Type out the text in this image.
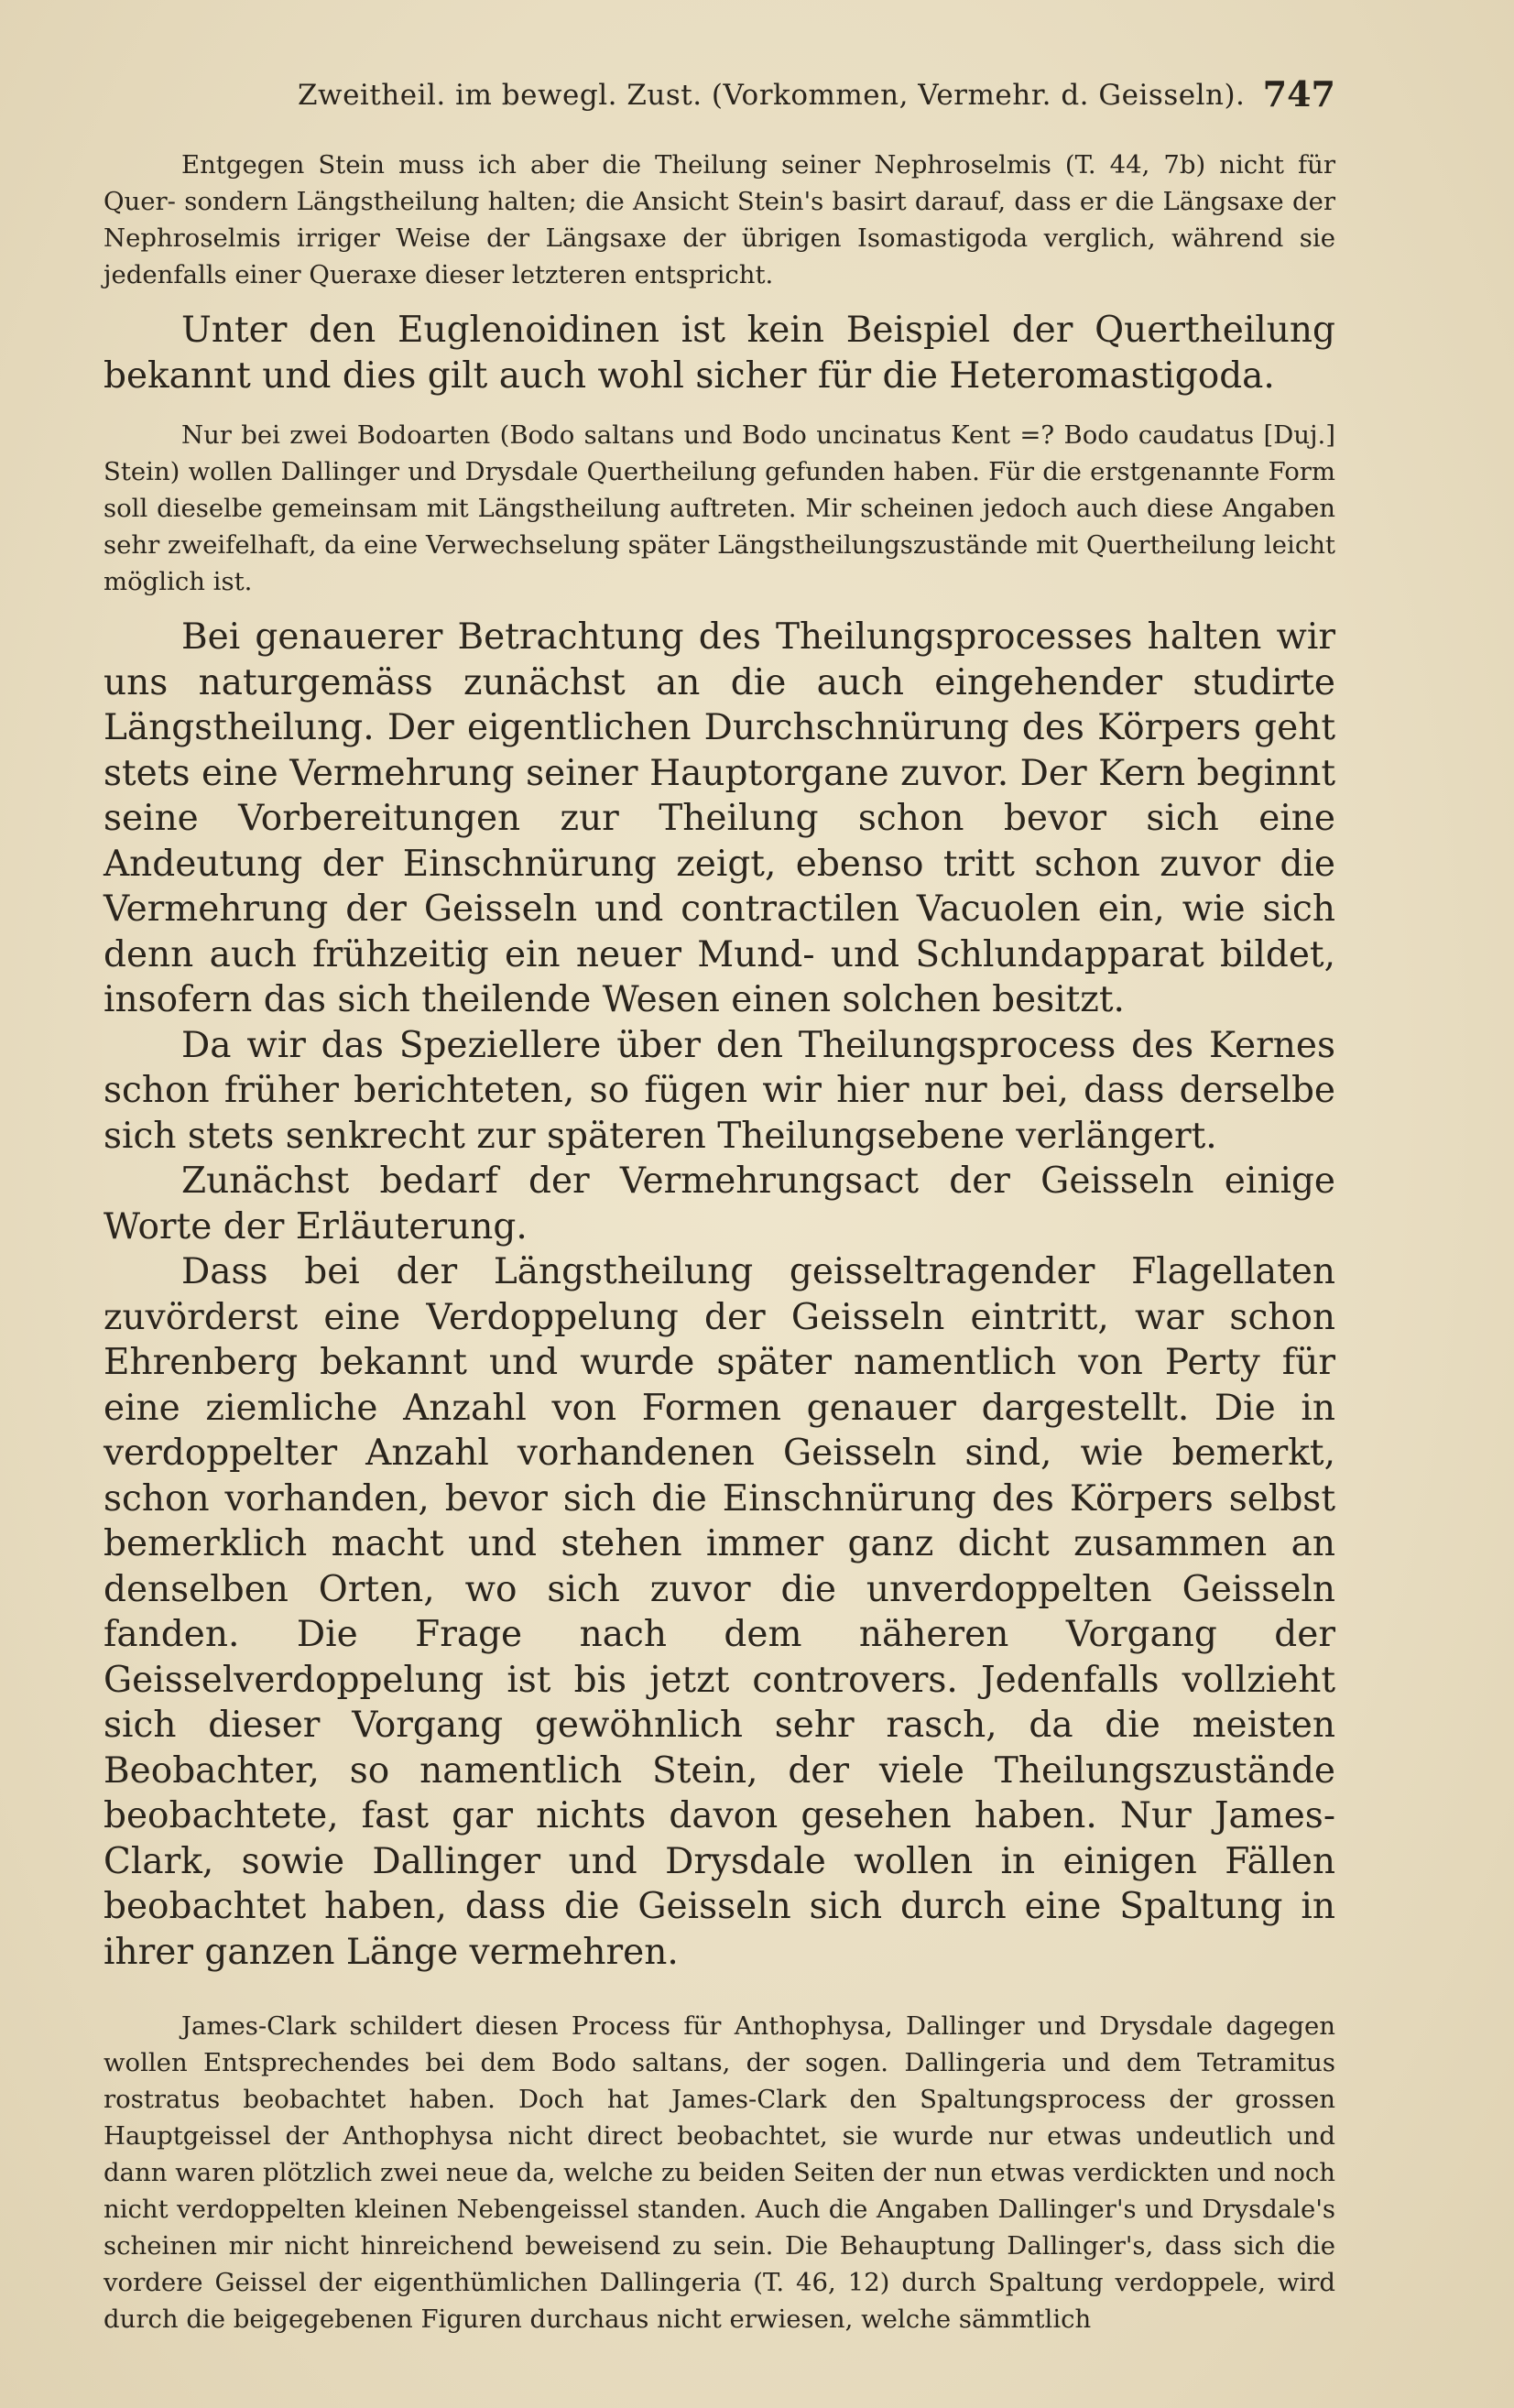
Zweitheil. im bewegl. Zust. (Vorkommen, Vermehr. d. Geisseln). 747

Entgegen Stein muss ich aber die Theilung seiner Nephroselmis (T. 44, 7b) nicht für Quer- sondern Längstheilung halten; die Ansicht Stein's basirt darauf, dass er die Längsaxe der Nephroselmis irriger Weise der Längsaxe der übrigen Isomastigoda verglich, während sie jedenfalls einer Queraxe dieser letzteren entspricht.

Unter den Euglenoidinen ist kein Beispiel der Quertheilung bekannt und dies gilt auch wohl sicher für die Heteromastigoda.

Nur bei zwei Bodoarten (Bodo saltans und Bodo uncinatus Kent =? Bodo caudatus [Duj.] Stein) wollen Dallinger und Drysdale Quertheilung gefunden haben. Für die erstgenannte Form soll dieselbe gemeinsam mit Längstheilung auftreten. Mir scheinen jedoch auch diese Angaben sehr zweifelhaft, da eine Verwechselung später Längstheilungszustände mit Quertheilung leicht möglich ist.

Bei genauerer Betrachtung des Theilungsprocesses halten wir uns naturgemäss zunächst an die auch eingehender studirte Längstheilung. Der eigentlichen Durchschnürung des Körpers geht stets eine Vermehrung seiner Hauptorgane zuvor. Der Kern beginnt seine Vorbereitungen zur Theilung schon bevor sich eine Andeutung der Einschnürung zeigt, ebenso tritt schon zuvor die Vermehrung der Geisseln und contractilen Vacuolen ein, wie sich denn auch frühzeitig ein neuer Mund- und Schlundapparat bildet, insofern das sich theilende Wesen einen solchen besitzt.

Da wir das Speziellere über den Theilungsprocess des Kernes schon früher berichteten, so fügen wir hier nur bei, dass derselbe sich stets senkrecht zur späteren Theilungsebene verlängert.

Zunächst bedarf der Vermehrungsact der Geisseln einige Worte der Erläuterung.

Dass bei der Längstheilung geisseltragender Flagellaten zuvörderst eine Verdoppelung der Geisseln eintritt, war schon Ehrenberg bekannt und wurde später namentlich von Perty für eine ziemliche Anzahl von Formen genauer dargestellt. Die in verdoppelter Anzahl vorhandenen Geisseln sind, wie bemerkt, schon vorhanden, bevor sich die Einschnürung des Körpers selbst bemerklich macht und stehen immer ganz dicht zusammen an denselben Orten, wo sich zuvor die unverdoppelten Geisseln fanden. Die Frage nach dem näheren Vorgang der Geisselverdoppelung ist bis jetzt controvers. Jedenfalls vollzieht sich dieser Vorgang gewöhnlich sehr rasch, da die meisten Beobachter, so namentlich Stein, der viele Theilungszustände beobachtete, fast gar nichts davon gesehen haben. Nur James-Clark, sowie Dallinger und Drysdale wollen in einigen Fällen beobachtet haben, dass die Geisseln sich durch eine Spaltung in ihrer ganzen Länge vermehren.

James-Clark schildert diesen Process für Anthophysa, Dallinger und Drysdale dagegen wollen Entsprechendes bei dem Bodo saltans, der sogen. Dallingeria und dem Tetramitus rostratus beobachtet haben. Doch hat James-Clark den Spaltungsprocess der grossen Hauptgeissel der Anthophysa nicht direct beobachtet, sie wurde nur etwas undeutlich und dann waren plötzlich zwei neue da, welche zu beiden Seiten der nun etwas verdickten und noch nicht verdoppelten kleinen Nebengeissel standen. Auch die Angaben Dallinger's und Drysdale's scheinen mir nicht hinreichend beweisend zu sein. Die Behauptung Dallinger's, dass sich die vordere Geissel der eigenthümlichen Dallingeria (T. 46, 12) durch Spaltung verdoppele, wird durch die beigegebenen Figuren durchaus nicht erwiesen, welche sämmtlich
